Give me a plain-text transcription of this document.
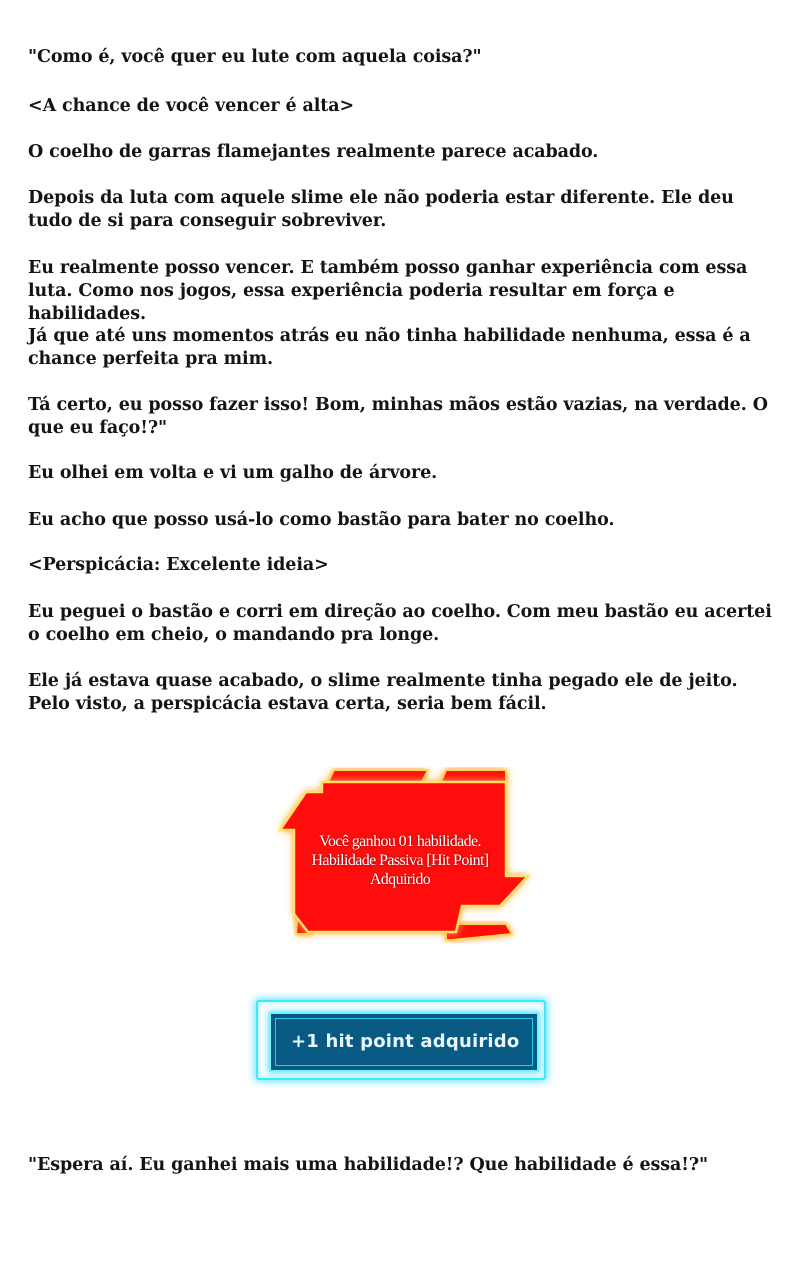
"Como é, você quer eu lute com aquela coisa?"

<A chance de você vencer é alta>

O coelho de garras flamejantes realmente parece acabado.

Depois da luta com aquele slime ele não poderia estar diferente. Ele deu tudo de si para conseguir sobreviver.

Eu realmente posso vencer. E também posso ganhar experiência com essa luta. Como nos jogos, essa experiência poderia resultar em força e habilidades.

Já que até uns momentos atrás eu não tinha habilidade nenhuma, essa é a chance perfeita pra mim.

Tá certo, eu posso fazer isso! Bom, minhas mãos estão vazias, na verdade. O que eu faço!?"

Eu olhei em volta e vi um galho de árvore.

Eu acho que posso usá-lo como bastão para bater no coelho.

<Perspicácia: Excelente ideia>

Eu peguei o bastão e corri em direção ao coelho. Com meu bastão eu acertei o coelho em cheio, o mandando pra longe.

Ele já estava quase acabado, o slime realmente tinha pegado ele de jeito. Pelo visto, a perspicácia estava certa, seria bem fácil.

Você ganhou 01 habilidade. Habilidade Passiva [Hit Point] Adquirido
+1 hit point adquirido

"Espera aí. Eu ganhei mais uma habilidade!? Que habilidade é essa!?"
